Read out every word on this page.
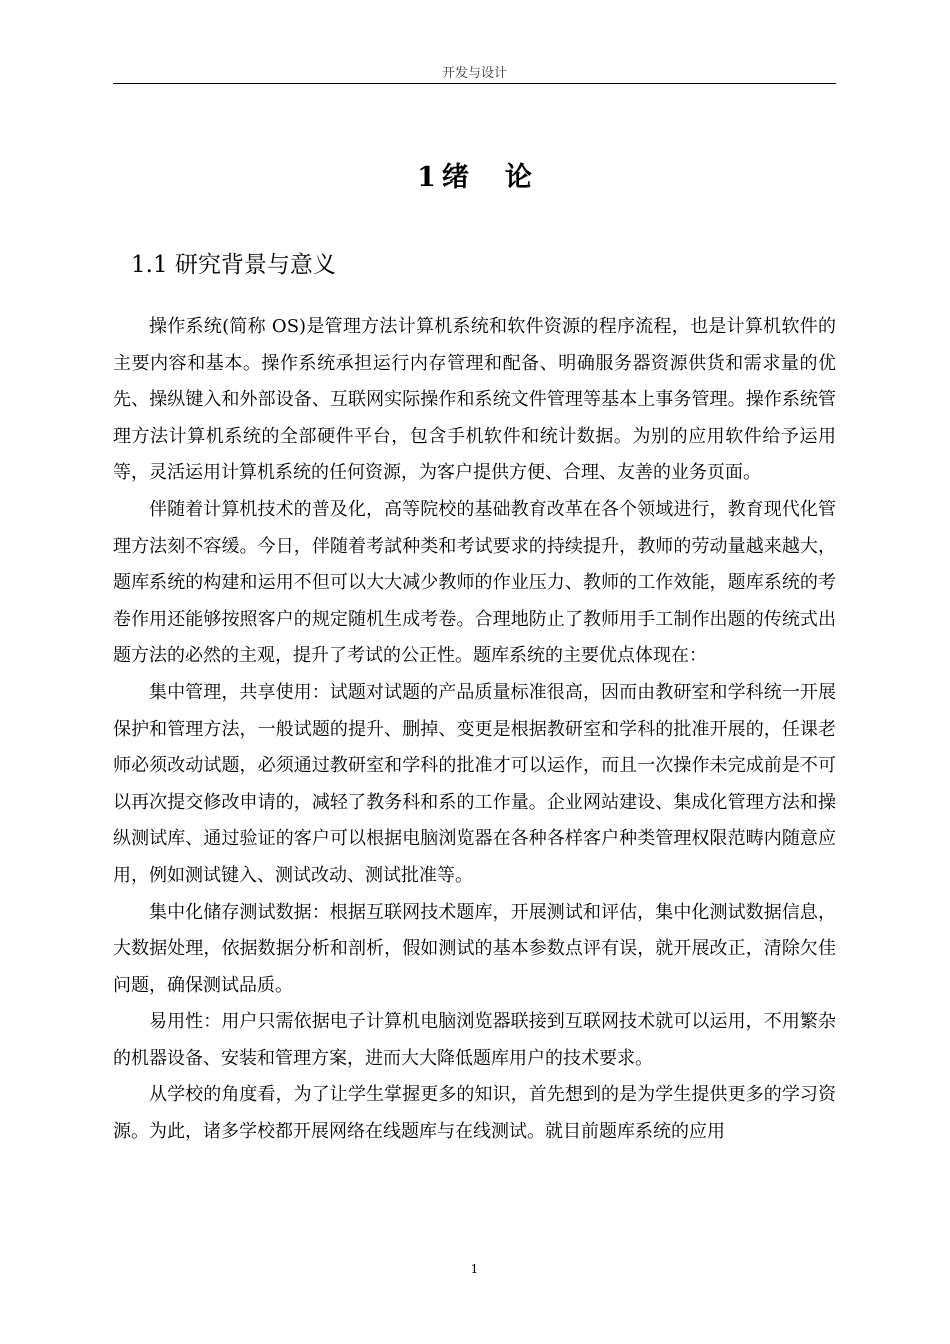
开发与设计
1 绪 论
1.1 研究背景与意义

操作系统(简称 OS)是管理方法计算机系统和软件资源的程序流程，也是计算机软件的主要内容和基本。操作系统承担运行内存管理和配备、明确服务器资源供货和需求量的优先、操纵键入和外部设备、互联网实际操作和系统文件管理等基本上事务管理。操作系统管理方法计算机系统的全部硬件平台，包含手机软件和统计数据。为别的应用软件给予运用等，灵活运用计算机系统的任何资源，为客户提供方便、合理、友善的业务页面。

伴随着计算机技术的普及化，高等院校的基础教育改革在各个领域进行，教育现代化管理方法刻不容缓。今日，伴随着考試种类和考试要求的持续提升，教师的劳动量越来越大，题库系统的构建和运用不但可以大大减少教师的作业压力、教师的工作效能，题库系统的考卷作用还能够按照客户的规定随机生成考卷。合理地防止了教师用手工制作出题的传统式出题方法的必然的主观，提升了考试的公正性。题库系统的主要优点体现在：

集中管理，共享使用：试题对试题的产品质量标准很高，因而由教研室和学科统一开展保护和管理方法，一般试题的提升、删掉、变更是根据教研室和学科的批准开展的，任课老师必须改动试题，必须通过教研室和学科的批准才可以运作，而且一次操作未完成前是不可以再次提交修改申请的，减轻了教务科和系的工作量。企业网站建设、集成化管理方法和操纵测试库、通过验证的客户可以根据电脑浏览器在各种各样客户种类管理权限范畴内随意应用，例如测试键入、测试改动、测试批准等。

集中化储存测试数据：根据互联网技术题库，开展测试和评估，集中化测试数据信息，大数据处理，依据数据分析和剖析，假如测试的基本参数点评有误，就开展改正，清除欠佳问题，确保测试品质。

易用性：用户只需依据电子计算机电脑浏览器联接到互联网技术就可以运用，不用繁杂的机器设备、安装和管理方案，进而大大降低题库用户的技术要求。

从学校的角度看，为了让学生掌握更多的知识，首先想到的是为学生提供更多的学习资源。为此，诸多学校都开展网络在线题库与在线测试。就目前题库系统的应用

1
